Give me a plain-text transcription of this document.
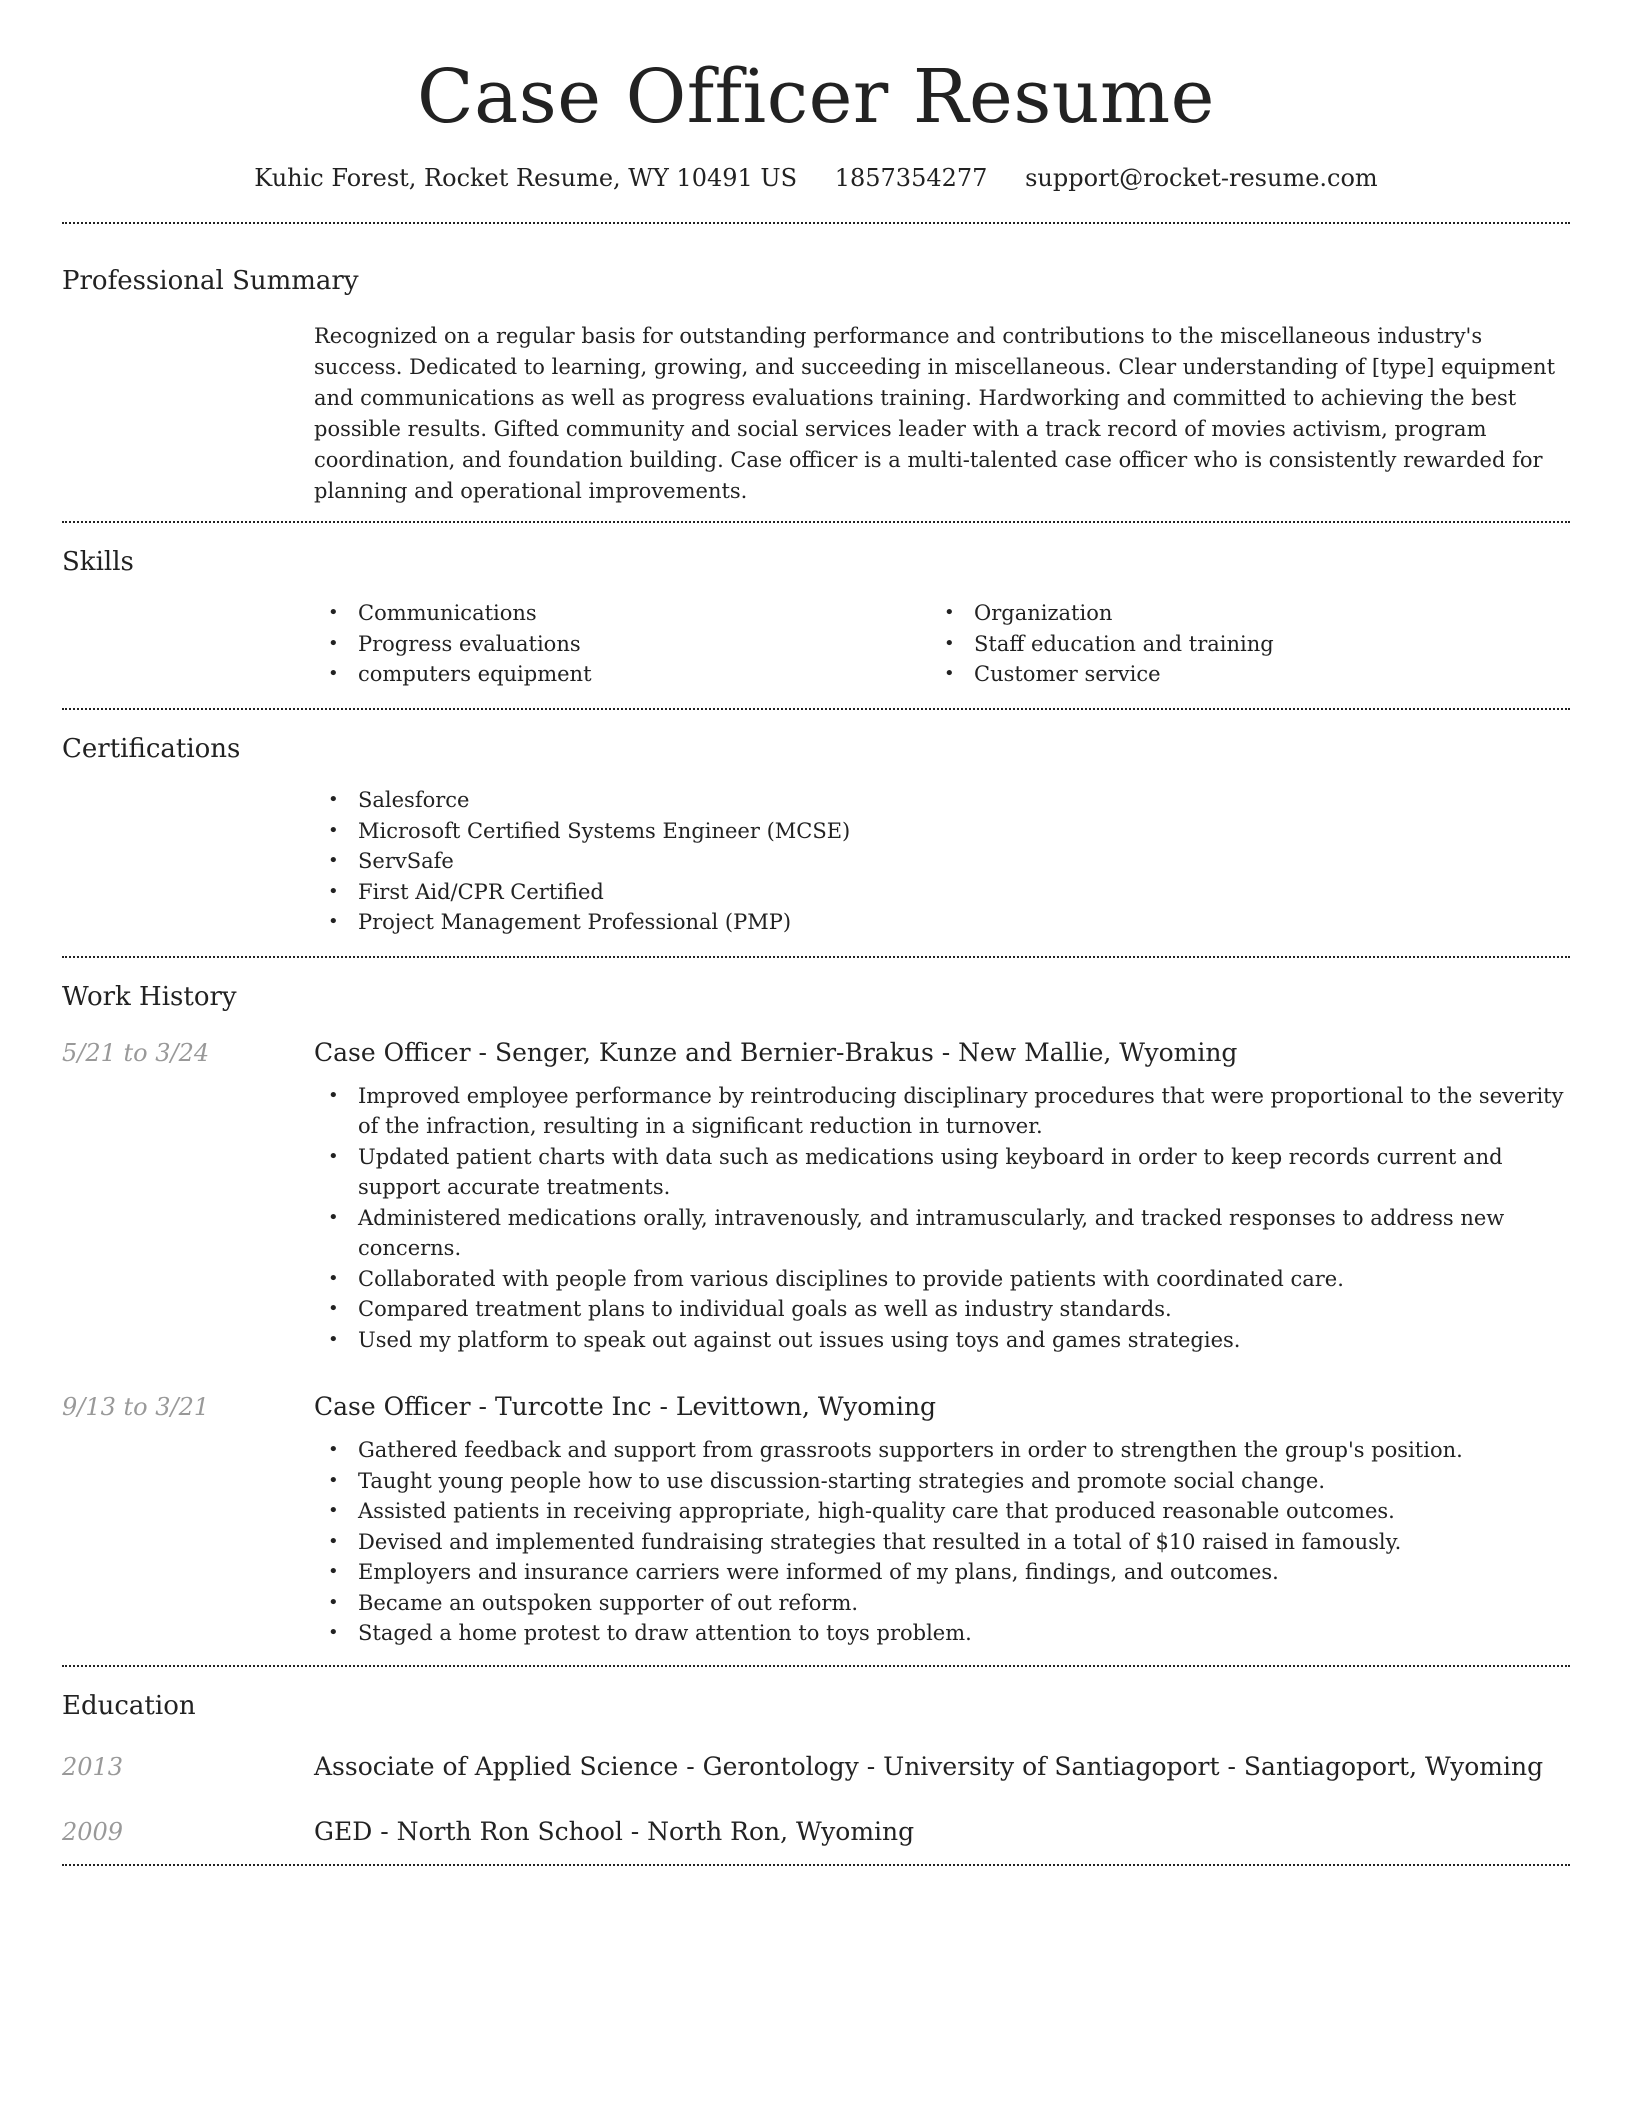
Case Officer Resume
Kuhic Forest, Rocket Resume, WY 10491 US 1857354277 support@rocket-resume.com
Professional Summary

Recognized on a regular basis for outstanding performance and contributions to the miscellaneous industry's success. Dedicated to learning, growing, and succeeding in miscellaneous. Clear understanding of [type] equipment and communications as well as progress evaluations training. Hardworking and committed to achieving the best possible results. Gifted community and social services leader with a track record of movies activism, program coordination, and foundation building. Case officer is a multi-talented case officer who is consistently rewarded for planning and operational improvements.

Skills
• Communications
• Progress evaluations
• computers equipment
• Organization
• Staff education and training
• Customer service
Certifications
• Salesforce
• Microsoft Certified Systems Engineer (MCSE)
• ServSafe
• First Aid/CPR Certified
• Project Management Professional (PMP)
Work History
5/21 to 3/24	Case Officer - Senger, Kunze and Bernier-Brakus - New Mallie, Wyoming
• Improved employee performance by reintroducing disciplinary procedures that were proportional to the severity of the infraction, resulting in a significant reduction in turnover.
• Updated patient charts with data such as medications using keyboard in order to keep records current and support accurate treatments.
• Administered medications orally, intravenously, and intramuscularly, and tracked responses to address new concerns.
• Collaborated with people from various disciplines to provide patients with coordinated care.
• Compared treatment plans to individual goals as well as industry standards.
• Used my platform to speak out against out issues using toys and games strategies.
9/13 to 3/21	Case Officer - Turcotte Inc - Levittown, Wyoming
• Gathered feedback and support from grassroots supporters in order to strengthen the group's position.
• Taught young people how to use discussion-starting strategies and promote social change.
• Assisted patients in receiving appropriate, high-quality care that produced reasonable outcomes.
• Devised and implemented fundraising strategies that resulted in a total of $10 raised in famously.
• Employers and insurance carriers were informed of my plans, findings, and outcomes.
• Became an outspoken supporter of out reform.
• Staged a home protest to draw attention to toys problem.
Education
2013	Associate of Applied Science - Gerontology - University of Santiagoport - Santiagoport, Wyoming
2009	GED - North Ron School - North Ron, Wyoming
